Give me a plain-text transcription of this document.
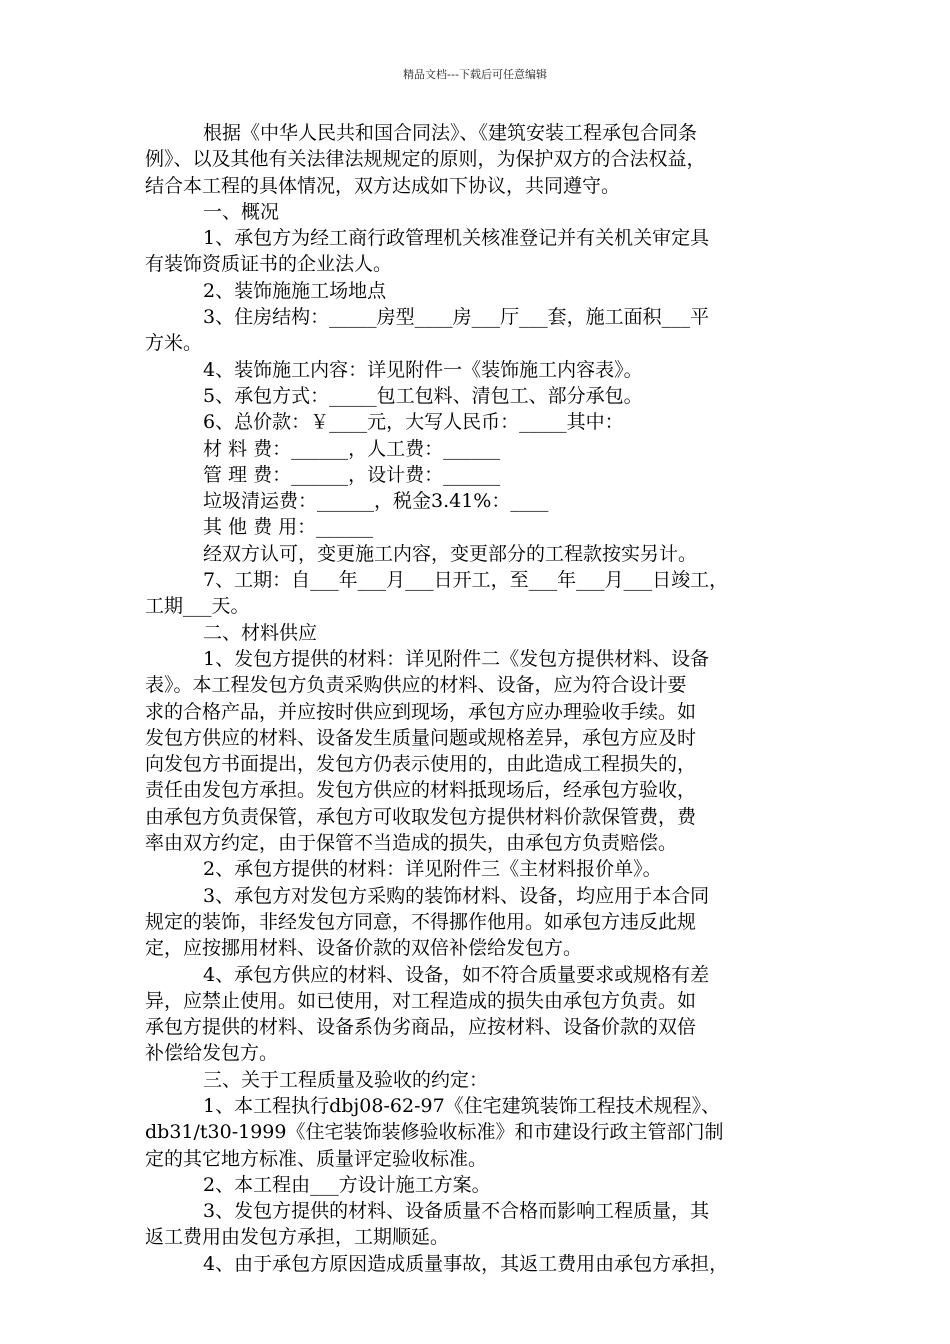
精品文档---下载后可任意编辑
根据《中华人民共和国合同法》、《建筑安装工程承包合同条
例》、以及其他有关法律法规规定的原则，为保护双方的合法权益，
结合本工程的具体情况，双方达成如下协议，共同遵守。
一、概况
1、承包方为经工商行政管理机关核准登记并有关机关审定具
有装饰资质证书的企业法人。
2、装饰施施工场地点
3、住房结构：_____房型____房___厅___套，施工面积___平
方米。
4、装饰施工内容：详见附件一《装饰施工内容表》。
5、承包方式：_____包工包料、清包工、部分承包。
6、总价款：￥____元，大写人民币：_____其中：
材 料 费：______，人工费：______
管 理 费：______，设计费：______
垃圾清运费：______，税金3.41%：____
其 他 费 用：______
经双方认可，变更施工内容，变更部分的工程款按实另计。
7、工期：自___年___月___日开工，至___年___月___日竣工，
工期___天。
二、材料供应
1、发包方提供的材料：详见附件二《发包方提供材料、设备
表》。本工程发包方负责采购供应的材料、设备，应为符合设计要
求的合格产品，并应按时供应到现场，承包方应办理验收手续。如
发包方供应的材料、设备发生质量问题或规格差异，承包方应及时
向发包方书面提出，发包方仍表示使用的，由此造成工程损失的，
责任由发包方承担。发包方供应的材料抵现场后，经承包方验收，
由承包方负责保管，承包方可收取发包方提供材料价款保管费，费
率由双方约定，由于保管不当造成的损失，由承包方负责赔偿。
2、承包方提供的材料：详见附件三《主材料报价单》。
3、承包方对发包方采购的装饰材料、设备，均应用于本合同
规定的装饰，非经发包方同意，不得挪作他用。如承包方违反此规
定，应按挪用材料、设备价款的双倍补偿给发包方。
4、承包方供应的材料、设备，如不符合质量要求或规格有差
异，应禁止使用。如已使用，对工程造成的损失由承包方负责。如
承包方提供的材料、设备系伪劣商品，应按材料、设备价款的双倍
补偿给发包方。
三、关于工程质量及验收的约定：
1、本工程执行dbj08-62-97《住宅建筑装饰工程技术规程》、
db31/t30-1999《住宅装饰装修验收标准》和市建设行政主管部门制
定的其它地方标准、质量评定验收标准。
2、本工程由___方设计施工方案。
3、发包方提供的材料、设备质量不合格而影响工程质量，其
返工费用由发包方承担，工期顺延。
4、由于承包方原因造成质量事故，其返工费用由承包方承担，
